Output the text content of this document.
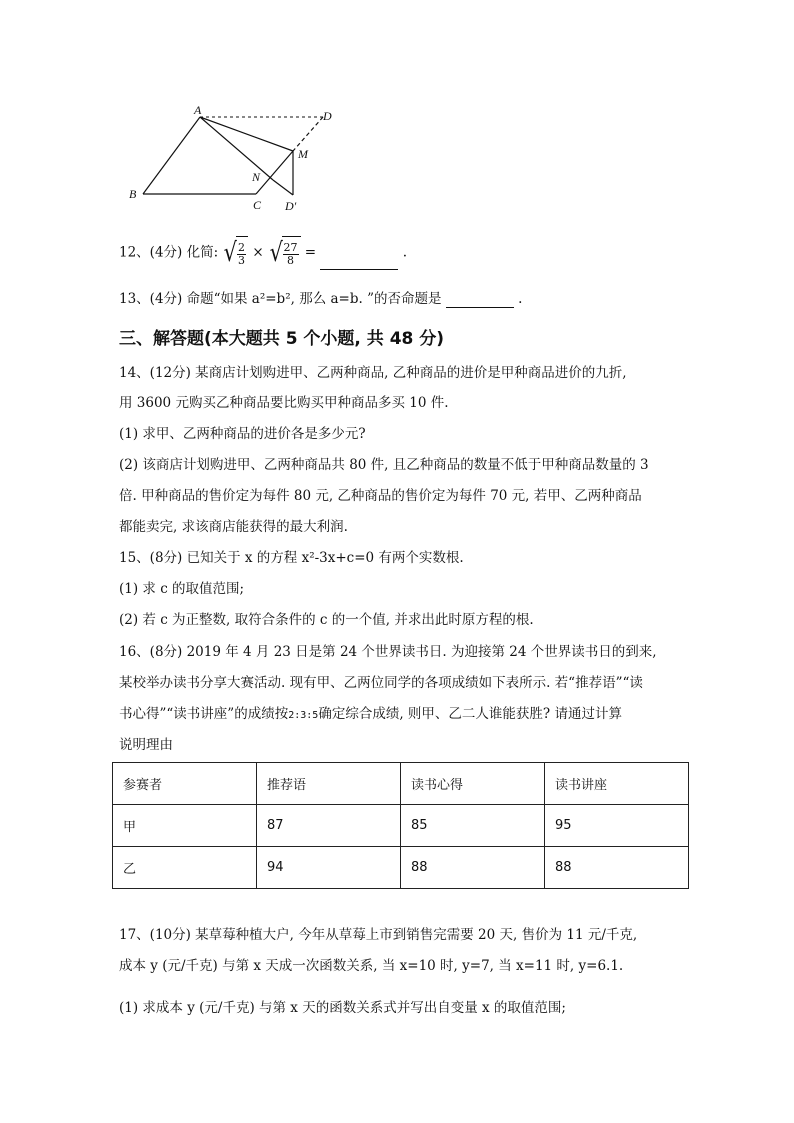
A
B
C
D
M
N
D′
12、(4分) 化简: √ $\frac{2}{3}$ × √ $\frac{27}{8}$ =	.
13、(4分) 命题“如果 a²=b², 那么 a=b. ”的否命题是	.
三、解答题(本大题共 5 个小题, 共 48 分)
14、(12分) 某商店计划购进甲、乙两种商品, 乙种商品的进价是甲种商品进价的九折,
用 3600 元购买乙种商品要比购买甲种商品多买 10 件.
(1) 求甲、乙两种商品的进价各是多少元?
(2) 该商店计划购进甲、乙两种商品共 80 件, 且乙种商品的数量不低于甲种商品数量的 3
倍. 甲种商品的售价定为每件 80 元, 乙种商品的售价定为每件 70 元, 若甲、乙两种商品
都能卖完, 求该商店能获得的最大利润.
15、(8分) 已知关于 x 的方程 x²-3x+c=0 有两个实数根.
(1) 求 c 的取值范围;
(2) 若 c 为正整数, 取符合条件的 c 的一个值, 并求出此时原方程的根.
16、(8分) 2019 年 4 月 23 日是第 24 个世界读书日. 为迎接第 24 个世界读书日的到来,
某校举办读书分享大赛活动. 现有甲、乙两位同学的各项成绩如下表所示. 若“推荐语”“读
书心得”“读书讲座”的成绩按2:3:5确定综合成绩, 则甲、乙二人谁能获胜? 请通过计算
说明理由
参赛者	推荐语	读书心得	读书讲座
甲	87	85	95
乙	94	88	88
17、(10分) 某草莓种植大户, 今年从草莓上市到销售完需要 20 天, 售价为 11 元/千克,
成本 y (元/千克) 与第 x 天成一次函数关系, 当 x=10 时, y=7, 当 x=11 时, y=6.1.
(1) 求成本 y (元/千克) 与第 x 天的函数关系式并写出自变量 x 的取值范围;
